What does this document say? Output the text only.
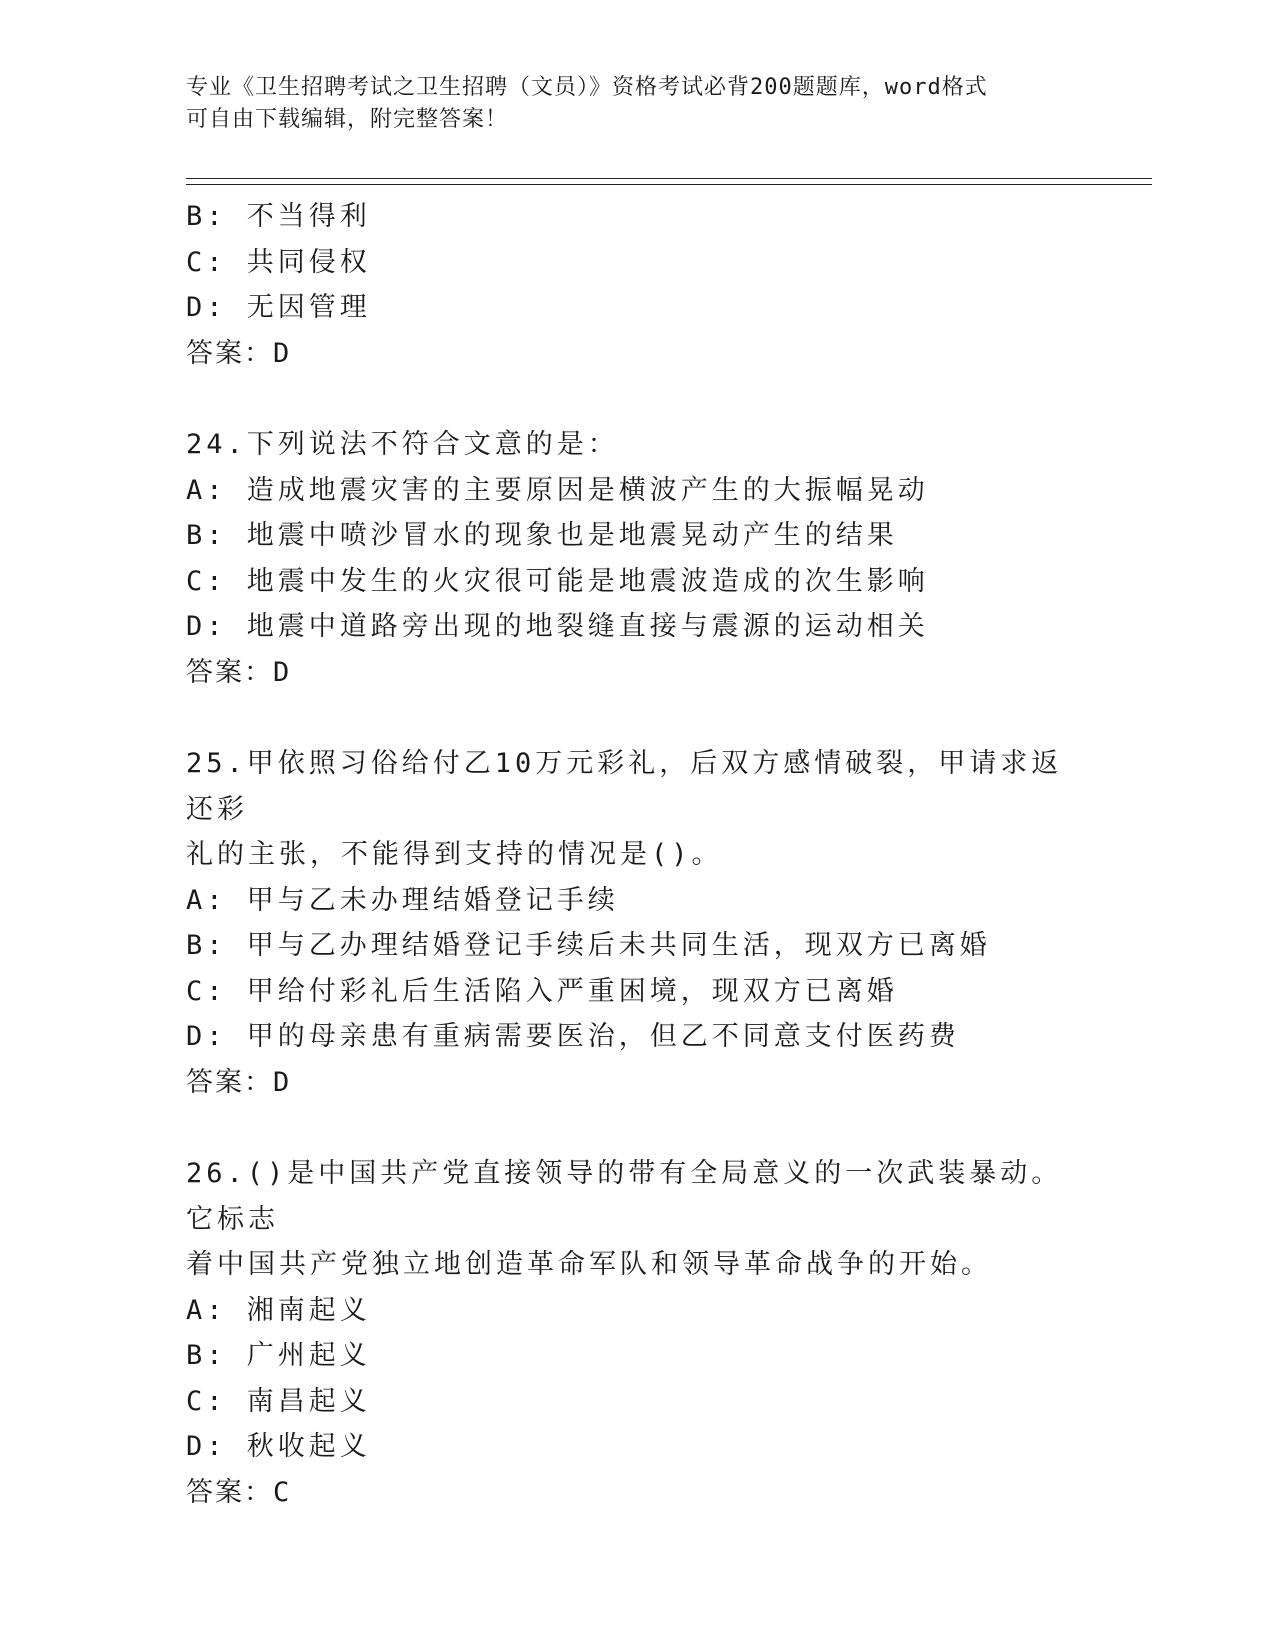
专业《卫生招聘考试之卫生招聘（文员）》资格考试必背200题题库，word格式
可自由下载编辑，附完整答案！
B: 不当得利
C: 共同侵权
D: 无因管理
答案：D
24.下列说法不符合文意的是：
A: 造成地震灾害的主要原因是横波产生的大振幅晃动
B: 地震中喷沙冒水的现象也是地震晃动产生的结果
C: 地震中发生的火灾很可能是地震波造成的次生影响
D: 地震中道路旁出现的地裂缝直接与震源的运动相关
答案：D
25.甲依照习俗给付乙10万元彩礼，后双方感情破裂，甲请求返还彩
礼的主张，不能得到支持的情况是()。
A: 甲与乙未办理结婚登记手续
B: 甲与乙办理结婚登记手续后未共同生活，现双方已离婚
C: 甲给付彩礼后生活陷入严重困境，现双方已离婚
D: 甲的母亲患有重病需要医治，但乙不同意支付医药费
答案：D
26.()是中国共产党直接领导的带有全局意义的一次武装暴动。它标志
着中国共产党独立地创造革命军队和领导革命战争的开始。
A: 湘南起义
B: 广州起义
C: 南昌起义
D: 秋收起义
答案：C
